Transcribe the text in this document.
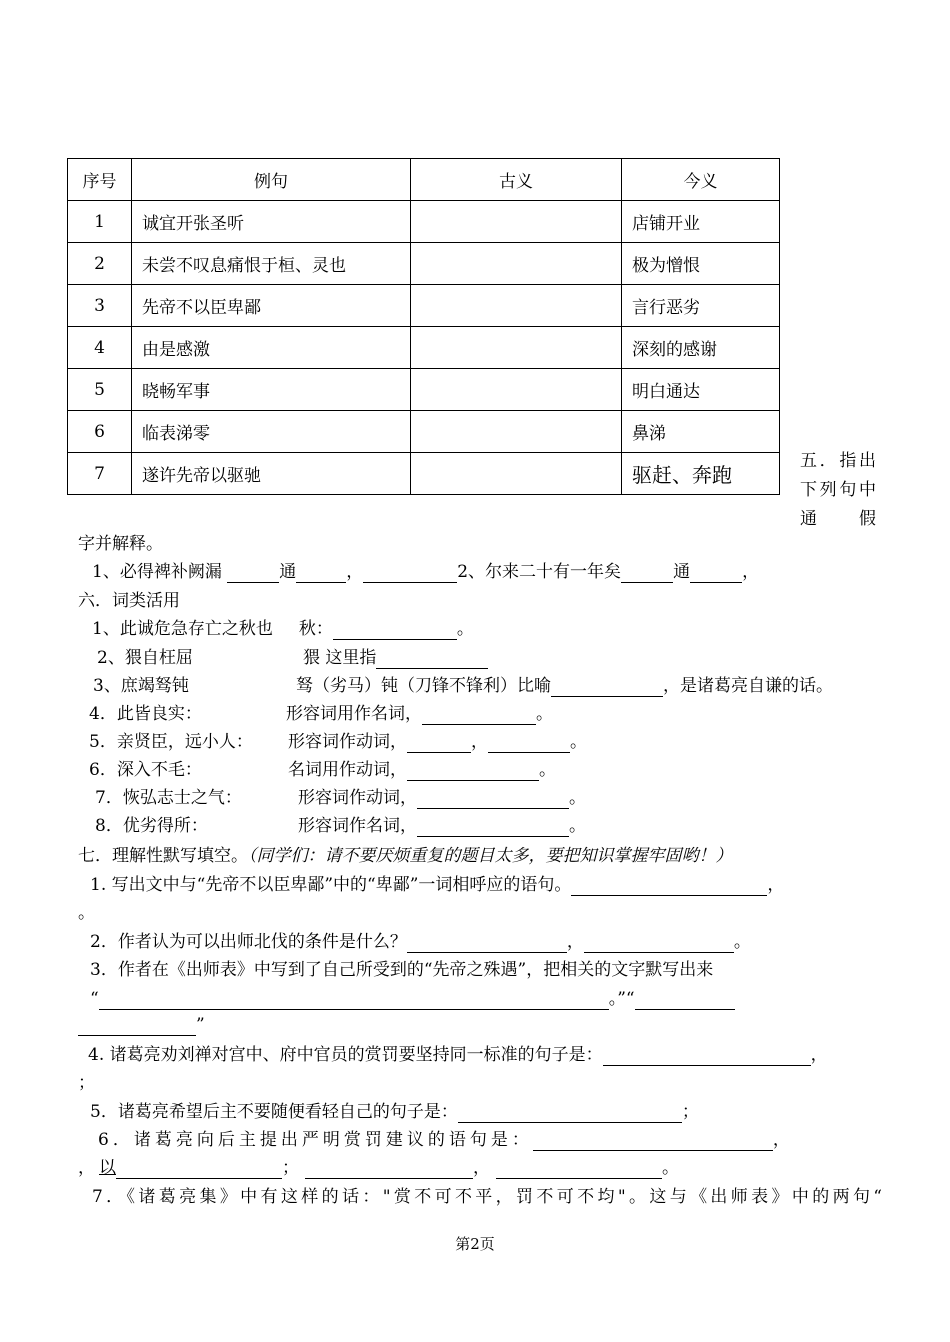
序号	例句	古义	今义
1	诚宜开张圣听		店铺开业
2	未尝不叹息痛恨于桓、灵也		极为憎恨
3	先帝不以臣卑鄙		言行恶劣
4	由是感激		深刻的感谢
5	晓畅军事		明白通达
6	临表涕零		鼻涕
7	遂许先帝以驱驰		驱赶、奔跑
五．指出下列句中通假
字并解释。
1、必得裨补阙漏	通	，	2、尔来二十有一年矣	通	，
六．词类活用
1、此诚危急存亡之秋也 秋：	。
2、猥自枉屈	猥 这里指
3、庶竭驽钝	驽（劣马）钝（刀锋不锋利）比喻	，是诸葛亮自谦的话。
4．此皆良实：	形容词用作名词，	。
5．亲贤臣，远小人： 形容词作动词，	，	。
6．深入不毛：	名词用作动词，	。
7．恢弘志士之气：	形容词作动词，	。
8．优劣得所：	形容词作名词，	。
七．理解性默写填空。（同学们：请不要厌烦重复的题目太多，要把知识掌握牢固哟！）
1. 写出文中与“先帝不以臣卑鄙”中的“卑鄙”一词相呼应的语句。	，
。
2．作者认为可以出师北伐的条件是什么？	，	。
3．作者在《出师表》中写到了自己所受到的“先帝之殊遇”，把相关的文字默写出来
“	。”“
”
4. 诸葛亮劝刘禅对宫中、府中官员的赏罚要坚持同一标准的句子是：	，
；
5．诸葛亮希望后主不要随便看轻自己的句子是：	；
6．诸葛亮向后主提出严明赏罚建议的语句是：	，
， 以	；	，	。
7．《诸葛亮集》中有这样的话："赏不可不平，罚不可不均"。这与《出师表》中的两句“
第2页
